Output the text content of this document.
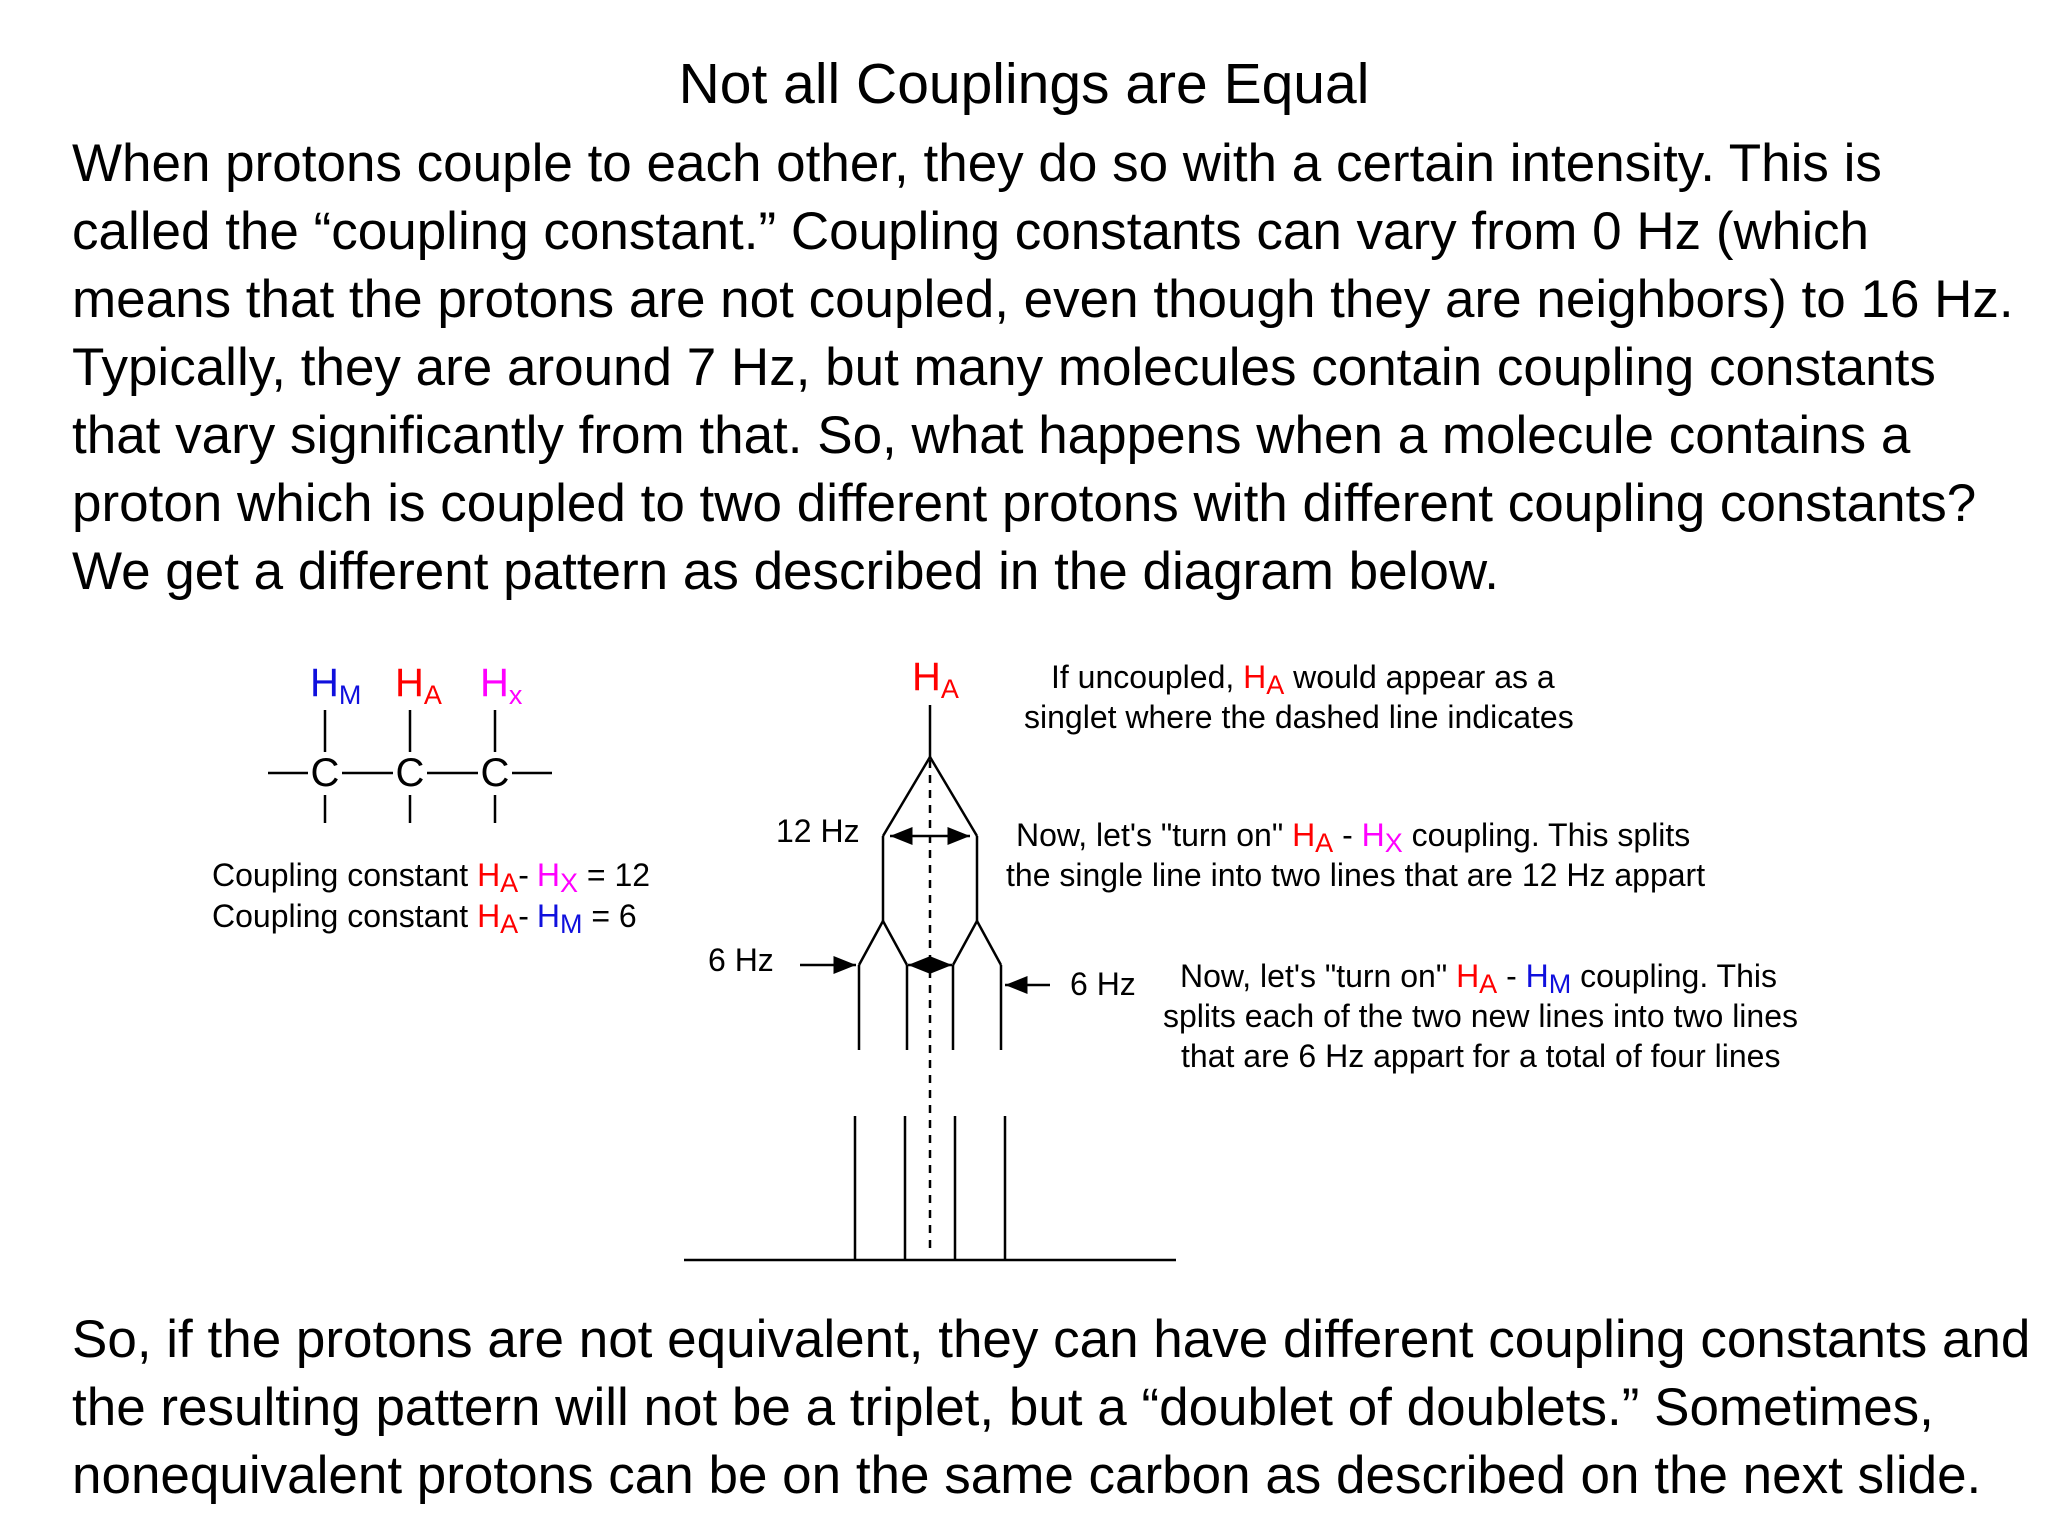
Not all Couplings are Equal

When protons couple to each other, they do so with a certain intensity. This is called the “coupling constant.” Coupling constants can vary from 0 Hz (which means that the protons are not coupled, even though they are neighbors) to 16 Hz. Typically, they are around 7 Hz, but many molecules contain coupling constants that vary significantly from that. So, what happens when a molecule contains a proton which is coupled to two different protons with different coupling constants? We get a different pattern as described in the diagram below.

$H_M$ $H_A$ $H_x$
C C C
Coupling constant HA- HX = 12
Coupling constant HA- HM = 6
$H_A$
12 Hz
6 Hz
6 Hz
If uncoupled, HA would appear as a
singlet where the dashed line indicates
Now, let's "turn on" HA - HX coupling. This splits
the single line into two lines that are 12 Hz appart
Now, let's "turn on" HA - HM coupling. This
splits each of the two new lines into two lines
that are 6 Hz appart for a total of four lines

So, if the protons are not equivalent, they can have different coupling constants and the resulting pattern will not be a triplet, but a “doublet of doublets.” Sometimes, nonequivalent protons can be on the same carbon as described on the next slide.
